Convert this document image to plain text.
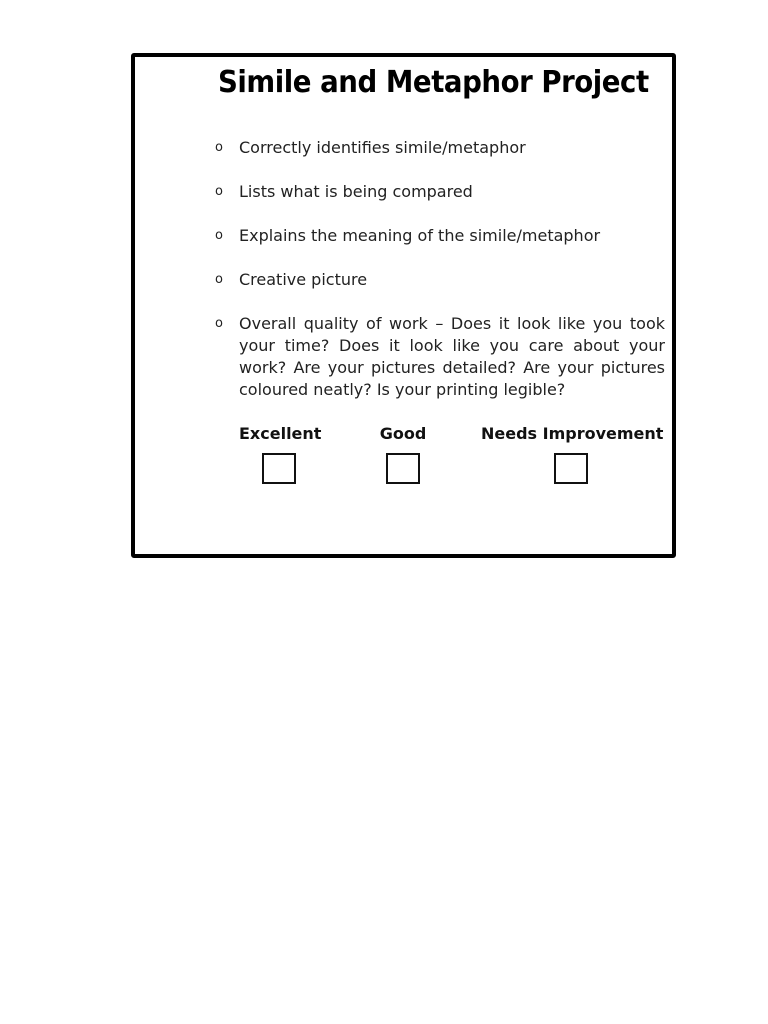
Simile and Metaphor Project
o Correctly identifies simile/metaphor
o Lists what is being compared
o Explains the meaning of the simile/metaphor
o Creative picture
o Overall quality of work – Does it look like you took your time? Does it look like you care about your work? Are your pictures detailed? Are your pictures coloured neatly? Is your printing legible?
Excellent	Good	Needs Improvement
